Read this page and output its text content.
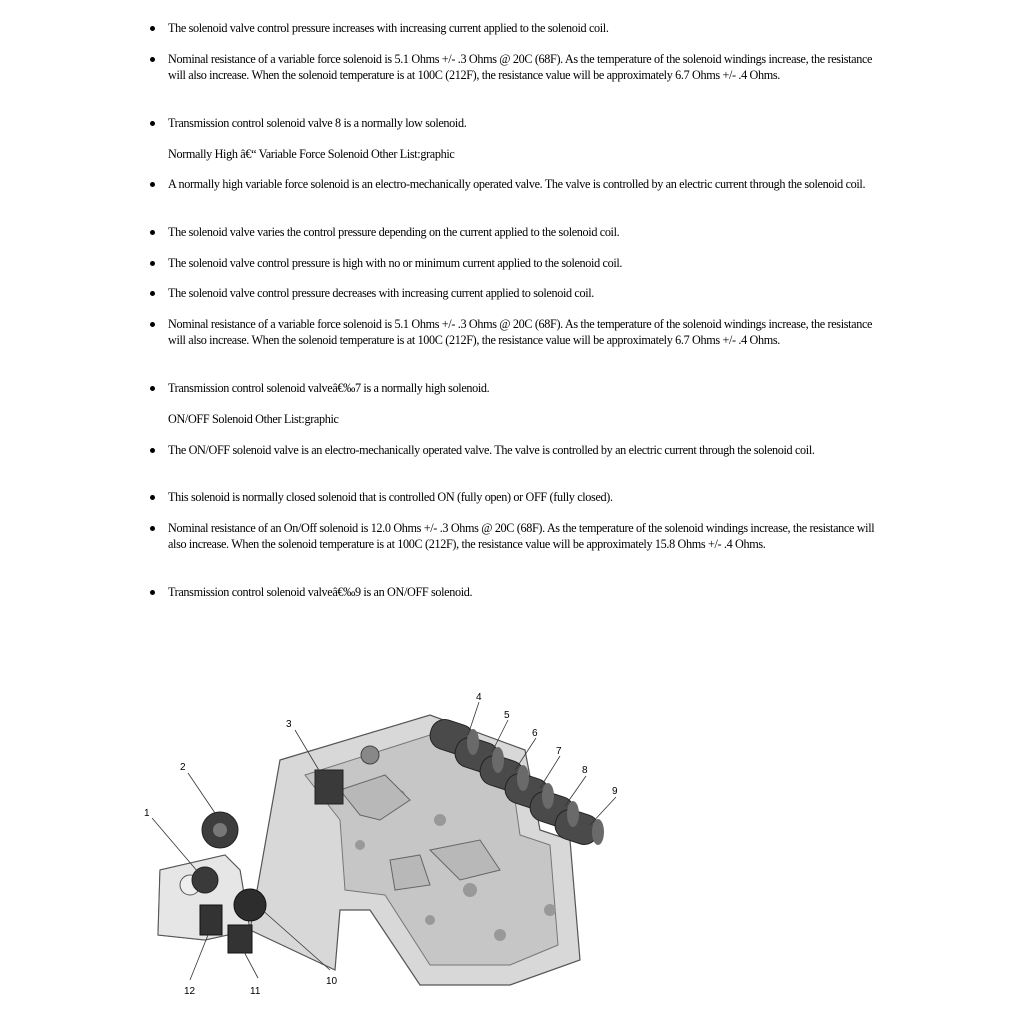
The solenoid valve control pressure increases with increasing current applied to the solenoid coil.
Nominal resistance of a variable force solenoid is 5.1 Ohms +/- .3 Ohms @ 20C (68F). As the temperature of the solenoid windings increase, the resistance will also increase. When the solenoid temperature is at 100C (212F), the resistance value will be approximately 6.7 Ohms +/- .4 Ohms.
Transmission control solenoid valve 8 is a normally low solenoid.
Normally High â€“ Variable Force Solenoid Other List:graphic
A normally high variable force solenoid is an electro-mechanically operated valve. The valve is controlled by an electric current through the solenoid coil.
The solenoid valve varies the control pressure depending on the current applied to the solenoid coil.
The solenoid valve control pressure is high with no or minimum current applied to the solenoid coil.
The solenoid valve control pressure decreases with increasing current applied to solenoid coil.
Nominal resistance of a variable force solenoid is 5.1 Ohms +/- .3 Ohms @ 20C (68F). As the temperature of the solenoid windings increase, the resistance will also increase. When the solenoid temperature is at 100C (212F), the resistance value will be approximately 6.7 Ohms +/- .4 Ohms.
Transmission control solenoid valveâ€‰7 is a normally high solenoid.
ON/OFF Solenoid Other List:graphic
The ON/OFF solenoid valve is an electro-mechanically operated valve. The valve is controlled by an electric current through the solenoid coil.
This solenoid is normally closed solenoid that is controlled ON (fully open) or OFF (fully closed).
Nominal resistance of an On/Off solenoid is 12.0 Ohms +/- .3 Ohms @ 20C (68F). As the temperature of the solenoid windings increase, the resistance will also increase. When the solenoid temperature is at 100C (212F), the resistance value will be approximately 15.8 Ohms +/- .4 Ohms.
Transmission control solenoid valveâ€‰9 is an ON/OFF solenoid.
1
2
3
4
5
6
7
8
9
10
11
12
